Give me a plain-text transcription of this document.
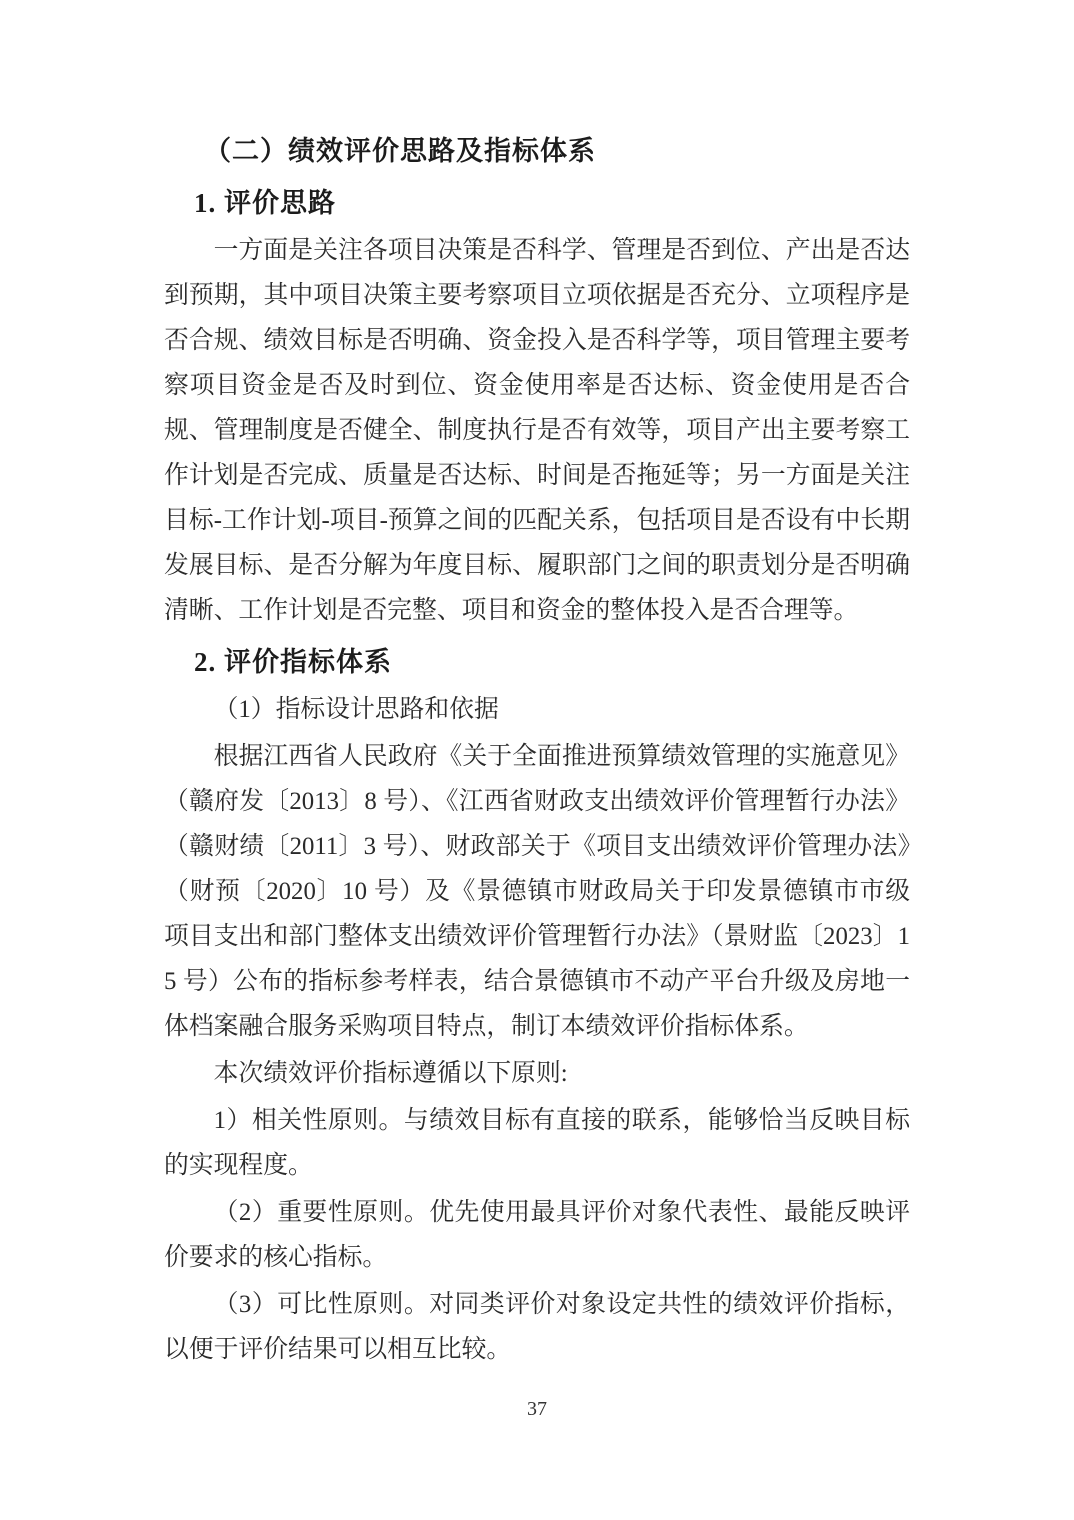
（二）绩效评价思路及指标体系
1. 评价思路

一方面是关注各项目决策是否科学、管理是否到位、产出是否达到预期，其中项目决策主要考察项目立项依据是否充分、立项程序是否合规、绩效目标是否明确、资金投入是否科学等，项目管理主要考察项目资金是否及时到位、资金使用率是否达标、资金使用是否合规、管理制度是否健全、制度执行是否有效等，项目产出主要考察工作计划是否完成、质量是否达标、时间是否拖延等；另一方面是关注目标-工作计划-项目-预算之间的匹配关系，包括项目是否设有中长期发展目标、是否分解为年度目标、履职部门之间的职责划分是否明确清晰、工作计划是否完整、项目和资金的整体投入是否合理等。

2. 评价指标体系

（1）指标设计思路和依据

根据江西省人民政府《关于全面推进预算绩效管理的实施意见》（赣府发〔2013〕8 号）、《江西省财政支出绩效评价管理暂行办法》（赣财绩〔2011〕3 号）、财政部关于《项目支出绩效评价管理办法》（财预〔2020〕10 号）及《景德镇市财政局关于印发景德镇市市级项目支出和部门整体支出绩效评价管理暂行办法》（景财监〔2023〕15 号）公布的指标参考样表，结合景德镇市不动产平台升级及房地一体档案融合服务采购项目特点，制订本绩效评价指标体系。

本次绩效评价指标遵循以下原则:

1）相关性原则。与绩效目标有直接的联系，能够恰当反映目标的实现程度。

（2）重要性原则。优先使用最具评价对象代表性、最能反映评价要求的核心指标。

（3）可比性原则。对同类评价对象设定共性的绩效评价指标，以便于评价结果可以相互比较。

37
